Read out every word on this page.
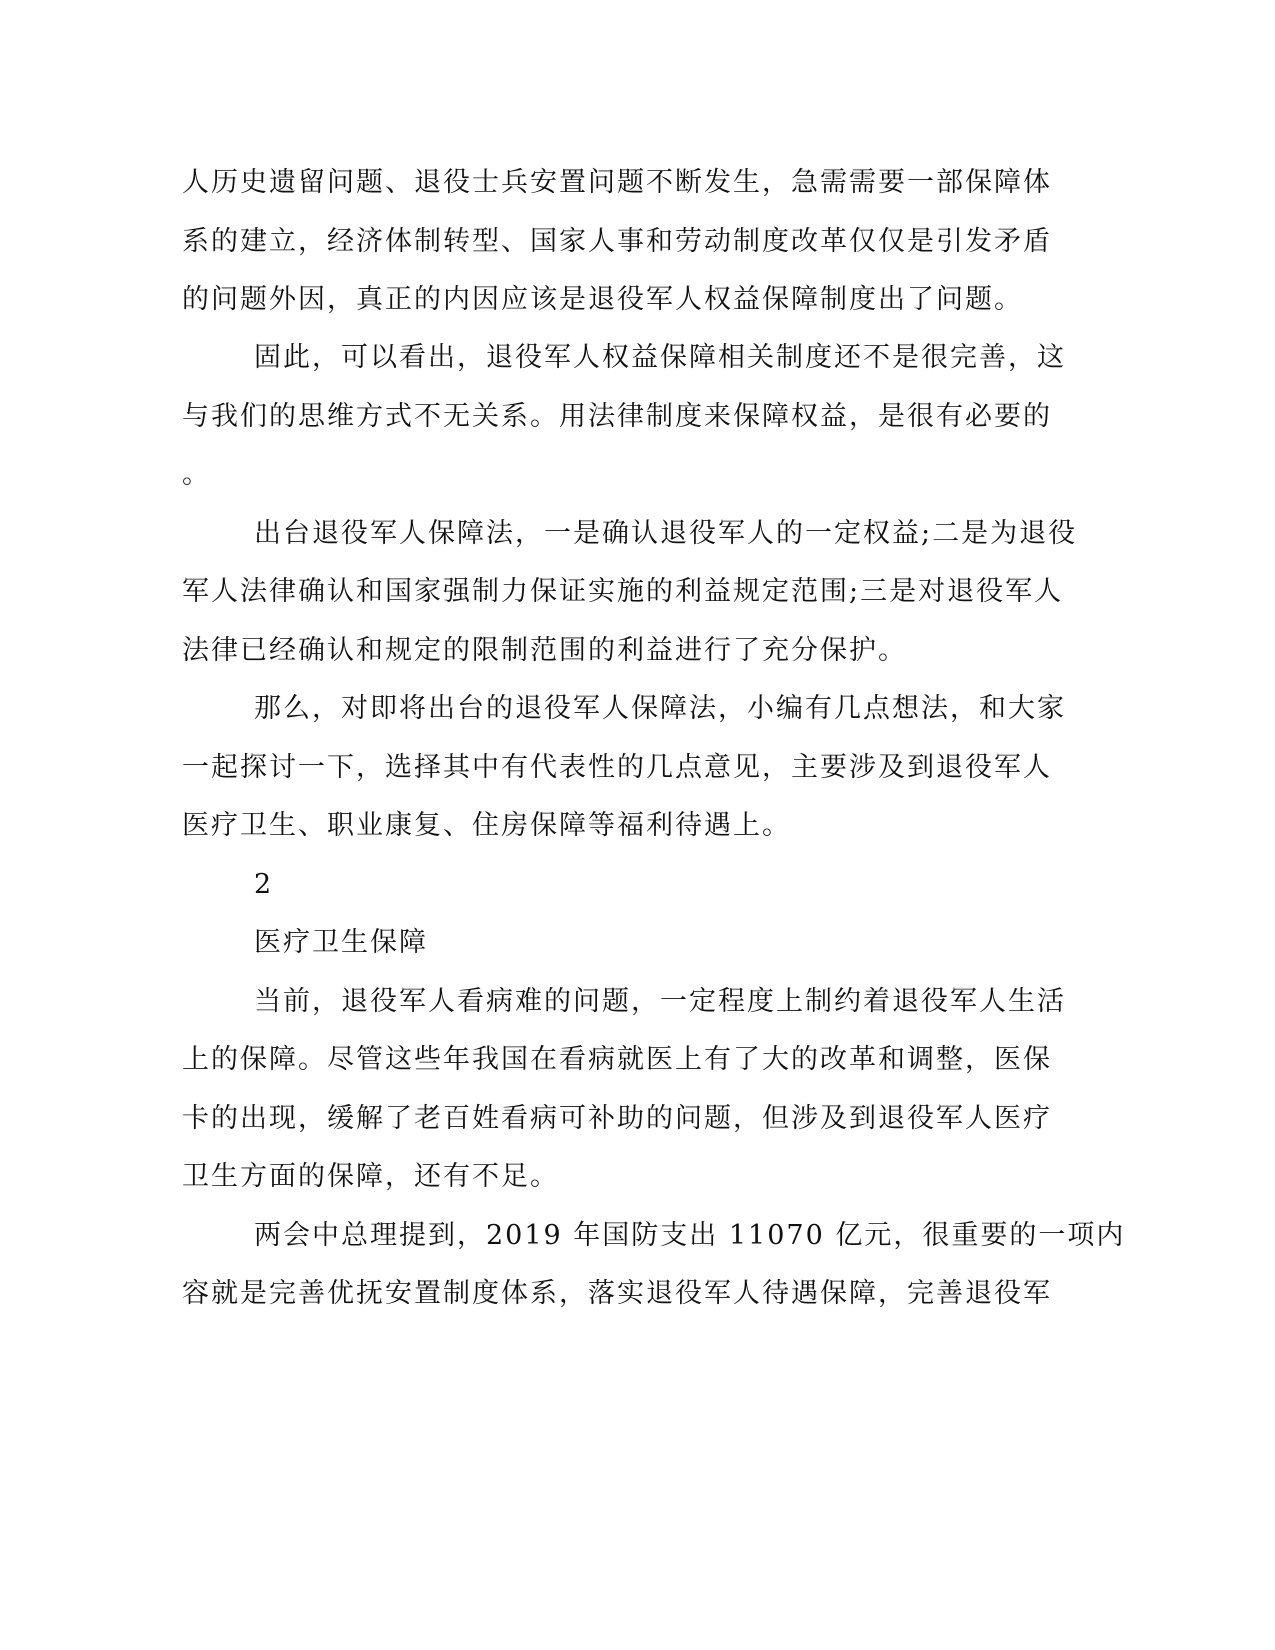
人历史遗留问题、退役士兵安置问题不断发生，急需需要一部保障体
系的建立，经济体制转型、国家人事和劳动制度改革仅仅是引发矛盾
的问题外因，真正的内因应该是退役军人权益保障制度出了问题。
固此，可以看出，退役军人权益保障相关制度还不是很完善，这
与我们的思维方式不无关系。用法律制度来保障权益，是很有必要的
。
出台退役军人保障法，一是确认退役军人的一定权益;二是为退役
军人法律确认和国家强制力保证实施的利益规定范围;三是对退役军人
法律已经确认和规定的限制范围的利益进行了充分保护。
那么，对即将出台的退役军人保障法，小编有几点想法，和大家
一起探讨一下，选择其中有代表性的几点意见，主要涉及到退役军人
医疗卫生、职业康复、住房保障等福利待遇上。
2
医疗卫生保障
当前，退役军人看病难的问题，一定程度上制约着退役军人生活
上的保障。尽管这些年我国在看病就医上有了大的改革和调整，医保
卡的出现，缓解了老百姓看病可补助的问题，但涉及到退役军人医疗
卫生方面的保障，还有不足。
两会中总理提到，2019 年国防支出 11070 亿元，很重要的一项内
容就是完善优抚安置制度体系，落实退役军人待遇保障，完善退役军
